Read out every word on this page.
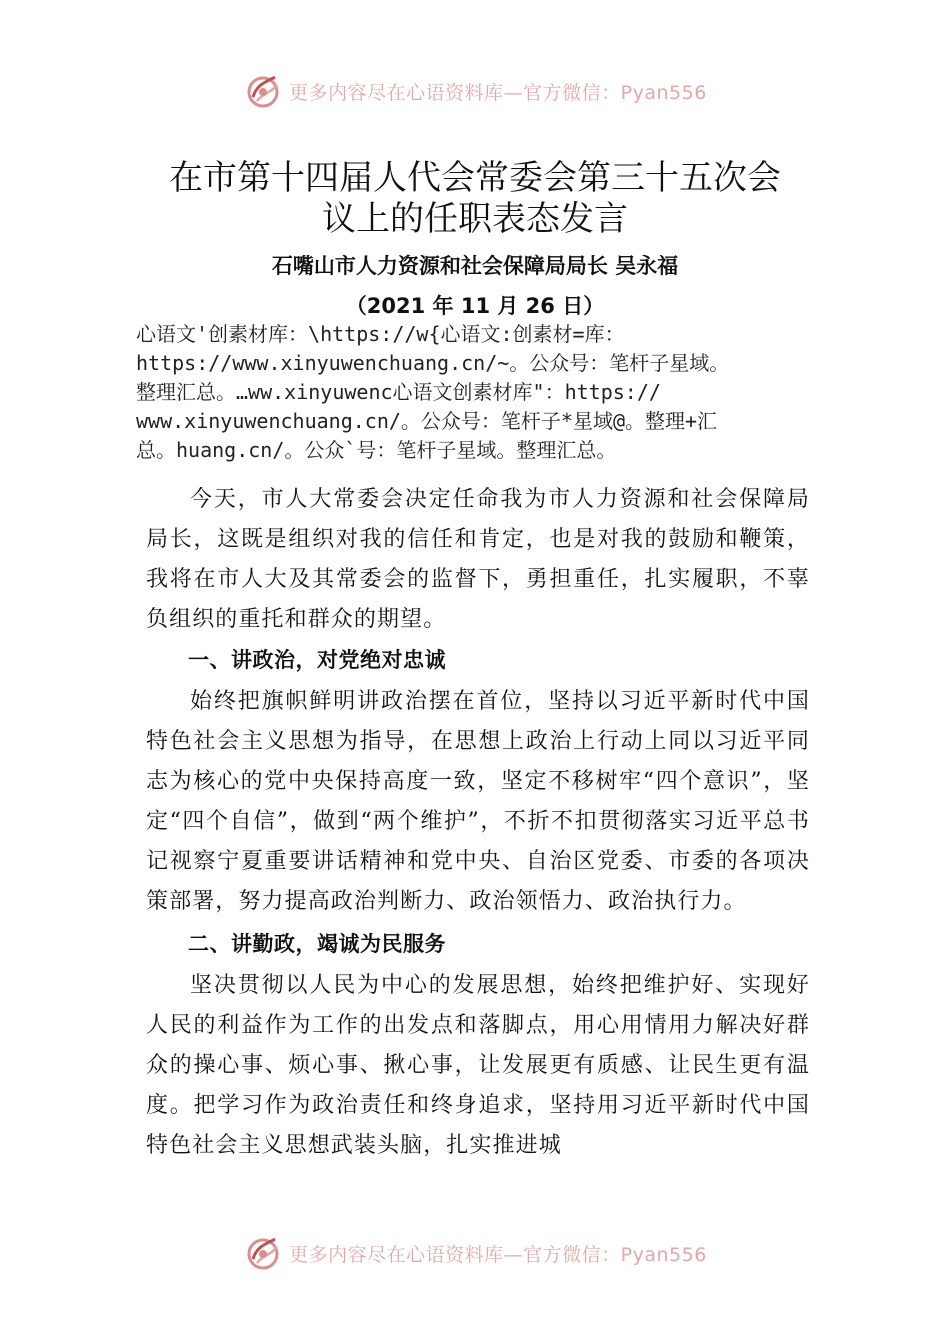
更多内容尽在心语资料库—官方微信：Pyan556
在市第十四届人代会常委会第三十五次会
议上的任职表态发言
石嘴山市人力资源和社会保障局局长 吴永福
（2021 年 11 月 26 日）
心语文'创素材库：\https://w{心语文:创素材=库：
https://www.xinyuwenchuang.cn/~。公众号：笔杆子星域。
整理汇总。…ww.xinyuwenc心语文创素材库"：https://
www.xinyuwenchuang.cn/。公众号：笔杆子*星域@。整理+汇
总。huang.cn/。公众`号：笔杆子星域。整理汇总。

今天，市人大常委会决定任命我为市人力资源和社会保障局局长，这既是组织对我的信任和肯定，也是对我的鼓励和鞭策，我将在市人大及其常委会的监督下，勇担重任，扎实履职，不辜负组织的重托和群众的期望。

一、讲政治，对党绝对忠诚

始终把旗帜鲜明讲政治摆在首位，坚持以习近平新时代中国特色社会主义思想为指导，在思想上政治上行动上同以习近平同志为核心的党中央保持高度一致，坚定不移树牢“四个意识”，坚定“四个自信”，做到“两个维护”，不折不扣贯彻落实习近平总书记视察宁夏重要讲话精神和党中央、自治区党委、市委的各项决策部署，努力提高政治判断力、政治领悟力、政治执行力。

二、讲勤政，竭诚为民服务

坚决贯彻以人民为中心的发展思想，始终把维护好、实现好人民的利益作为工作的出发点和落脚点，用心用情用力解决好群众的操心事、烦心事、揪心事，让发展更有质感、让民生更有温度。把学习作为政治责任和终身追求，坚持用习近平新时代中国特色社会主义思想武装头脑，扎实推进城

更多内容尽在心语资料库—官方微信：Pyan556
